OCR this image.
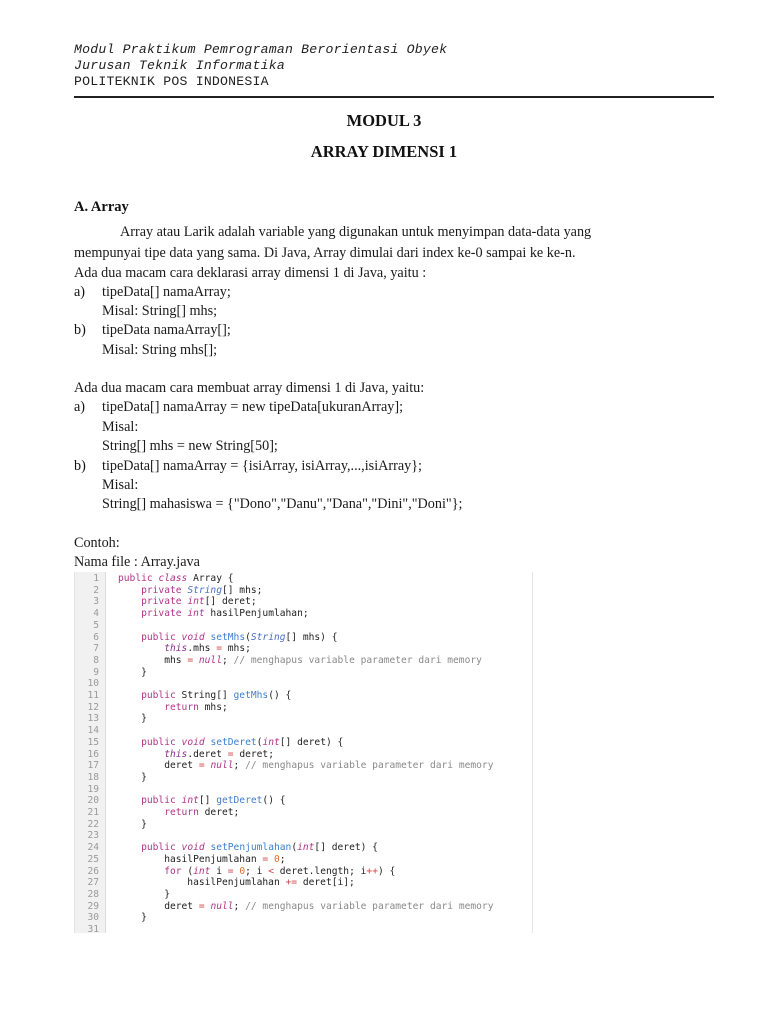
Modul Praktikum Pemrograman Berorientasi Obyek
Jurusan Teknik Informatika
POLITEKNIK POS INDONESIA
MODUL 3
ARRAY DIMENSI 1
A. Array
Array atau Larik adalah variable yang digunakan untuk menyimpan data-data yang
mempunyai tipe data yang sama. Di Java, Array dimulai dari index ke-0 sampai ke ke-n.
Ada dua macam cara deklarasi array dimensi 1 di Java, yaitu :
a) tipeData[] namaArray;
Misal: String[] mhs;
b) tipeData namaArray[];
Misal: String mhs[];
Ada dua macam cara membuat array dimensi 1 di Java, yaitu:
a) tipeData[] namaArray = new tipeData[ukuranArray];
Misal:
String[] mhs = new String[50];
b) tipeData[] namaArray = {isiArray, isiArray,...,isiArray};
Misal:
String[] mahasiswa = {"Dono","Danu","Dana","Dini","Doni"};
Contoh:
Nama file : Array.java
1 public class Array {
2	private String[] mhs;
3	private int[] deret;
4	private int hasilPenjumlahan;
5
6	public void setMhs(String[] mhs) {
7	this.mhs = mhs;
8 mhs = null; // menghapus variable parameter dari memory
9 }
10
11	public String[] getMhs() {
12	return mhs;
13 }
14
15	public void setDeret(int[] deret) {
16	this.deret = deret;
17 deret = null; // menghapus variable parameter dari memory
18 }
19
20	public int[] getDeret() {
21	return deret;
22 }
23
24	public void setPenjumlahan(int[] deret) {
25 hasilPenjumlahan = 0;
26	for (int i = 0; i < deret.length; i++) {
27 hasilPenjumlahan += deret[i];
28 }
29 deret = null; // menghapus variable parameter dari memory
30 }
31
